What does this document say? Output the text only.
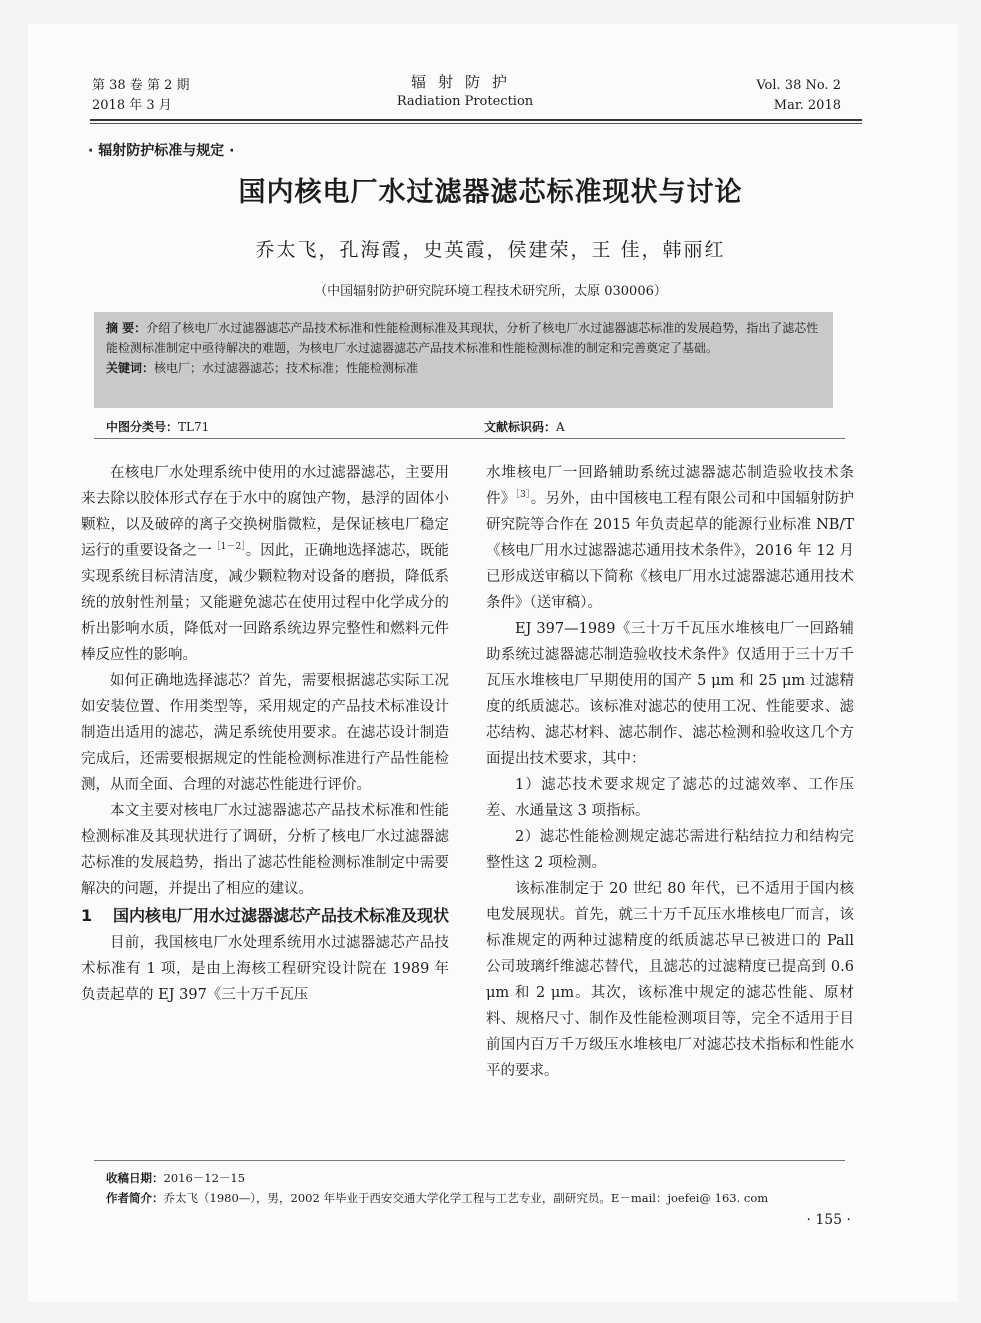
第 38 卷 第 2 期
2018 年 3 月
辐射防护
Radiation Protection
Vol. 38 No. 2
Mar. 2018
· 辐射防护标准与规定 ·
国内核电厂水过滤器滤芯标准现状与讨论
乔太飞，孔海霞，史英霞，侯建荣，王 佳，韩丽红
（中国辐射防护研究院环境工程技术研究所，太原 030006）
摘 要：介绍了核电厂水过滤器滤芯产品技术标准和性能检测标准及其现状，分析了核电厂水过滤器滤芯标准的发展趋势，指出了滤芯性能检测标准制定中亟待解决的难题，为核电厂水过滤器滤芯产品技术标准和性能检测标准的制定和完善奠定了基础。
关键词：核电厂；水过滤器滤芯；技术标准；性能检测标准
中图分类号：TL71	文献标识码：A

在核电厂水处理系统中使用的水过滤器滤芯，主要用来去除以胶体形式存在于水中的腐蚀产物，悬浮的固体小颗粒，以及破碎的离子交换树脂微粒，是保证核电厂稳定运行的重要设备之一$^{[1-2]}$。因此，正确地选择滤芯，既能实现系统目标清洁度，减少颗粒物对设备的磨损，降低系统的放射性剂量；又能避免滤芯在使用过程中化学成分的析出影响水质，降低对一回路系统边界完整性和燃料元件棒反应性的影响。

如何正确地选择滤芯？首先，需要根据滤芯实际工况如安装位置、作用类型等，采用规定的产品技术标准设计制造出适用的滤芯，满足系统使用要求。在滤芯设计制造完成后，还需要根据规定的性能检测标准进行产品性能检测，从而全面、合理的对滤芯性能进行评价。

本文主要对核电厂水过滤器滤芯产品技术标准和性能检测标准及其现状进行了调研，分析了核电厂水过滤器滤芯标准的发展趋势，指出了滤芯性能检测标准制定中需要解决的问题，并提出了相应的建议。

1 国内核电厂用水过滤器滤芯产品技术标准及现状

目前，我国核电厂水处理系统用水过滤器滤芯产品技术标准有 1 项，是由上海核工程研究设计院在 1989 年负责起草的 EJ 397《三十万千瓦压

水堆核电厂一回路辅助系统过滤器滤芯制造验收技术条件》$^{[3]}$。另外，由中国核电工程有限公司和中国辐射防护研究院等合作在 2015 年负责起草的能源行业标准 NB/T《核电厂用水过滤器滤芯通用技术条件》，2016 年 12 月已形成送审稿以下简称《核电厂用水过滤器滤芯通用技术条件》（送审稿）。

EJ 397—1989《三十万千瓦压水堆核电厂一回路辅助系统过滤器滤芯制造验收技术条件》仅适用于三十万千瓦压水堆核电厂早期使用的国产 5 μm 和 25 μm 过滤精度的纸质滤芯。该标准对滤芯的使用工况、性能要求、滤芯结构、滤芯材料、滤芯制作、滤芯检测和验收这几个方面提出技术要求，其中：

1）滤芯技术要求规定了滤芯的过滤效率、工作压差、水通量这 3 项指标。

2）滤芯性能检测规定滤芯需进行粘结拉力和结构完整性这 2 项检测。

该标准制定于 20 世纪 80 年代，已不适用于国内核电发展现状。首先，就三十万千瓦压水堆核电厂而言，该标准规定的两种过滤精度的纸质滤芯早已被进口的 Pall 公司玻璃纤维滤芯替代，且滤芯的过滤精度已提高到 0.6 μm 和 2 μm。其次，该标准中规定的滤芯性能、原材料、规格尺寸、制作及性能检测项目等，完全不适用于目前国内百万千万级压水堆核电厂对滤芯技术指标和性能水平的要求。

收稿日期：2016－12－15
作者简介：乔太飞（1980—），男，2002 年毕业于西安交通大学化学工程与工艺专业，副研究员。E－mail：joefei@ 163. com
· 155 ·
